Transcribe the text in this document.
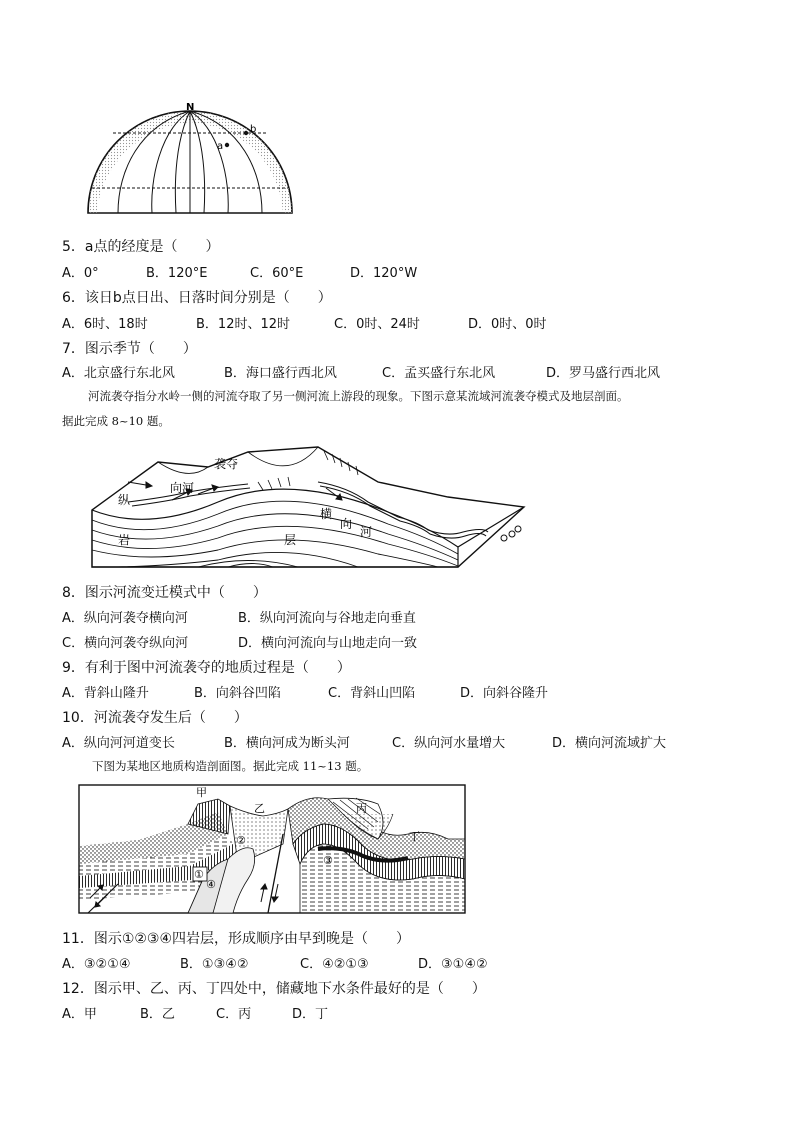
N
a
b
5．a点的经度是（　　）
A．0°	B．120°E	C．60°E	D．120°W
6．该日b点日出、日落时间分别是（　　）
A．6时、18时	B．12时、12时	C．0时、24时	D．0时、0时
7．图示季节（　　）
A．北京盛行东北风	B．海口盛行西北风	C．孟买盛行东北风	D．罗马盛行西北风
河流袭夺指分水岭一侧的河流夺取了另一侧河流上游段的现象。下图示意某流域河流袭夺模式及地层剖面。
据此完成 8~10 题。
袭夺
纵
向河
横
向
河
岩	层
8．图示河流变迁模式中（　　）
A．纵向河袭夺横向河	B．纵向河流向与谷地走向垂直
C．横向河袭夺纵向河	D．横向河流向与山地走向一致
9．有利于图中河流袭夺的地质过程是（　　）
A．背斜山隆升	B．向斜谷凹陷	C．背斜山凹陷	D．向斜谷隆升
10．河流袭夺发生后（　　）
A．纵向河河道变长	B．横向河成为断头河	C．纵向河水量增大	D．横向河流域扩大
下图为某地区地质构造剖面图。据此完成 11~13 题。
甲
乙	丙
丁
①
②
③
④
11．图示①②③④四岩层，形成顺序由早到晚是（　　）
A．③②①④	B．①③④②	C．④②①③	D．③①④②
12．图示甲、乙、丙、丁四处中，储藏地下水条件最好的是（　　）
A．甲	B．乙	C．丙	D．丁
